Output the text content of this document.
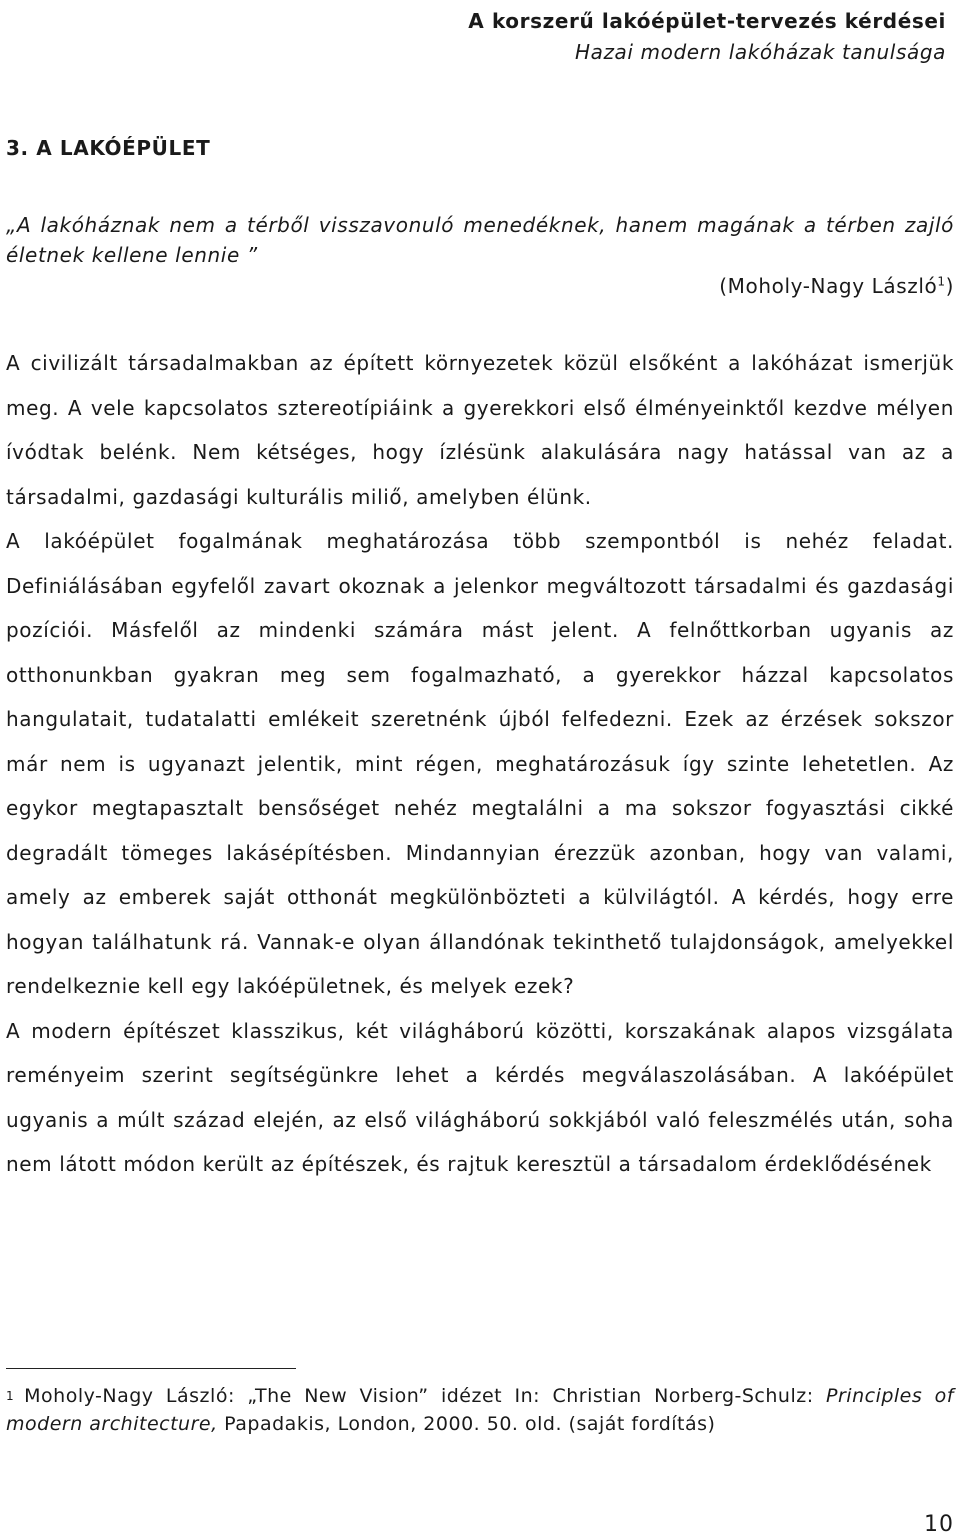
A korszerű lakóépület-tervezés kérdései
Hazai modern lakóházak tanulsága
3. A LAKÓÉPÜLET
„A lakóháznak nem a térből visszavonuló menedéknek, hanem magának a térben zajló életnek kellene lennie ”
(Moholy-Nagy László$^1$)

A civilizált társadalmakban az épített környezetek közül elsőként a lakóházat ismerjük meg. A vele kapcsolatos sztereotípiáink a gyerekkori első élményeinktől kezdve mélyen ívódtak belénk. Nem kétséges, hogy ízlésünk alakulására nagy hatással van az a társadalmi, gazdasági kulturális miliő, amelyben élünk.

A lakóépület fogalmának meghatározása több szempontból is nehéz feladat. Definiálásában egyfelől zavart okoznak a jelenkor megváltozott társadalmi és gazdasági pozíciói. Másfelől az mindenki számára mást jelent. A felnőttkorban ugyanis az otthonunkban gyakran meg sem fogalmazható, a gyerekkor házzal kapcsolatos hangulatait, tudatalatti emlékeit szeretnénk újból felfedezni. Ezek az érzések sokszor már nem is ugyanazt jelentik, mint régen, meghatározásuk így szinte lehetetlen. Az egykor megtapasztalt bensőséget nehéz megtalálni a ma sokszor fogyasztási cikké degradált tömeges lakásépítésben. Mindannyian érezzük azonban, hogy van valami, amely az emberek saját otthonát megkülönbözteti a külvilágtól. A kérdés, hogy erre hogyan találhatunk rá. Vannak-e olyan állandónak tekinthető tulajdonságok, amelyekkel rendelkeznie kell egy lakóépületnek, és melyek ezek?

A modern építészet klasszikus, két világháború közötti, korszakának alapos vizsgálata reményeim szerint segítségünkre lehet a kérdés megválaszolásában. A lakóépület ugyanis a múlt század elején, az első világháború sokkjából való feleszmélés után, soha nem látott módon került az építészek, és rajtuk keresztül a társadalom érdeklődésének

$^1$ Moholy-Nagy László: „The New Vision” idézet In: Christian Norberg-Schulz: Principles of modern architecture, Papadakis, London, 2000. 50. old. (saját fordítás)
10
